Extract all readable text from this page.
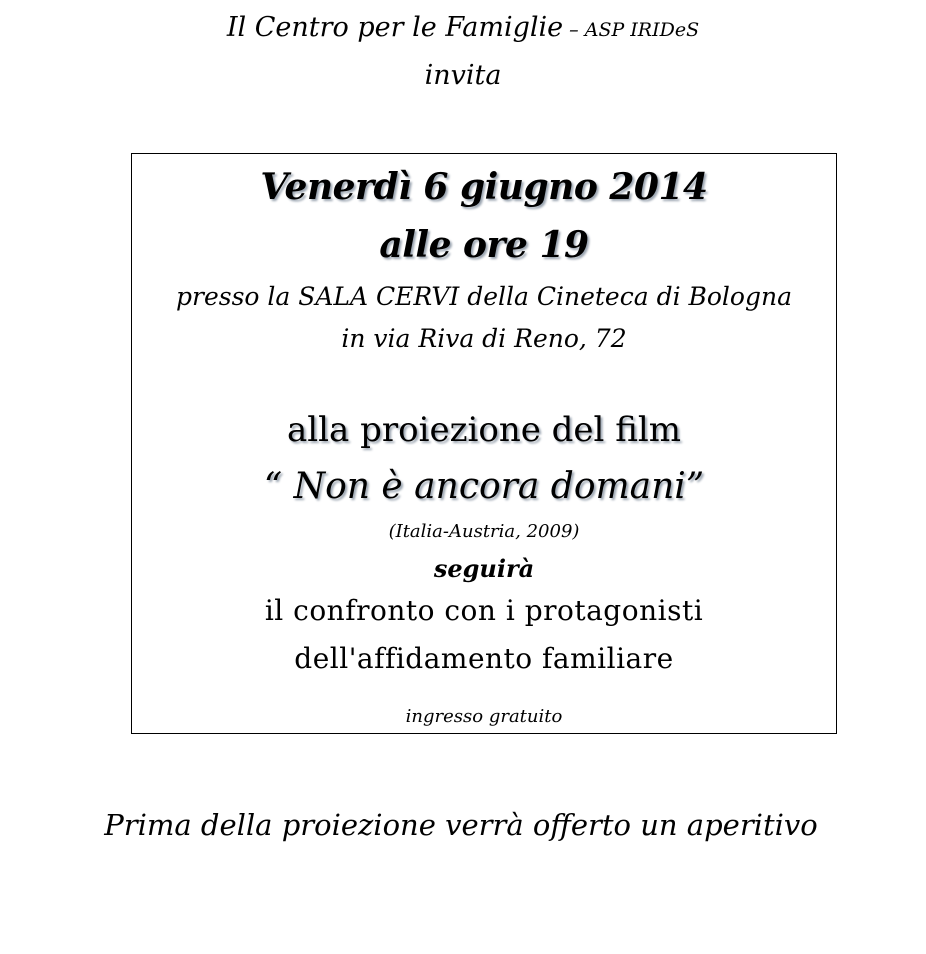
Il Centro per le Famiglie – ASP IRIDeS
invita
Venerdì 6 giugno 2014
alle ore 19
presso la SALA CERVI della Cineteca di Bologna
in via Riva di Reno, 72
alla proiezione del film
“ Non è ancora domani”
(Italia-Austria, 2009)
seguirà
il confronto con i protagonisti
dell'affidamento familiare
ingresso gratuito
Prima della proiezione verrà offerto un aperitivo
